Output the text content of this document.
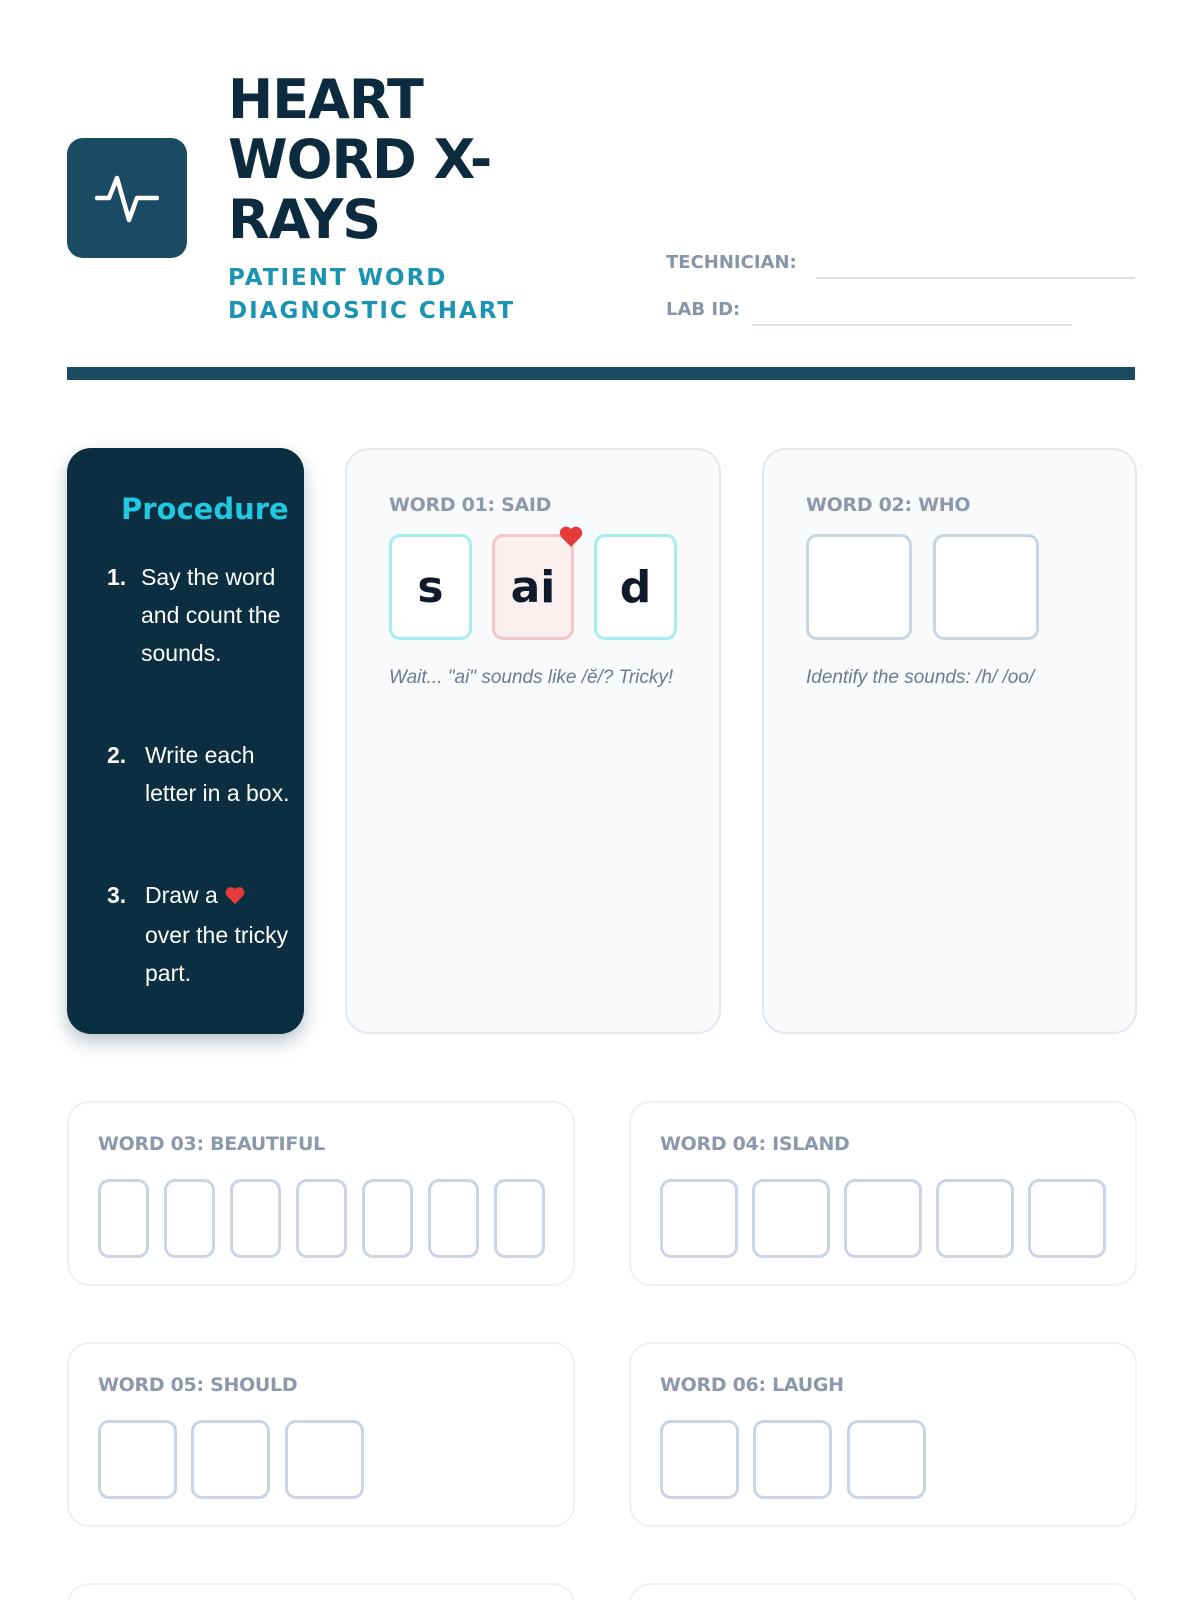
HEART WORD X-RAYS
PATIENT WORD DIAGNOSTIC CHART
TECHNICIAN:
LAB ID:
Procedure
1. Say the word and count the sounds.
2. Write each letter in a box.
3. Draw a  over the tricky part.
WORD 01: SAID
s	ai	d
Wait... "ai" sounds like /ĕ/? Tricky!
WORD 02: WHO
Identify the sounds: /h/ /oo/
WORD 03: BEAUTIFUL	WORD 04: ISLAND
WORD 05: SHOULD	WORD 06: LAUGH
